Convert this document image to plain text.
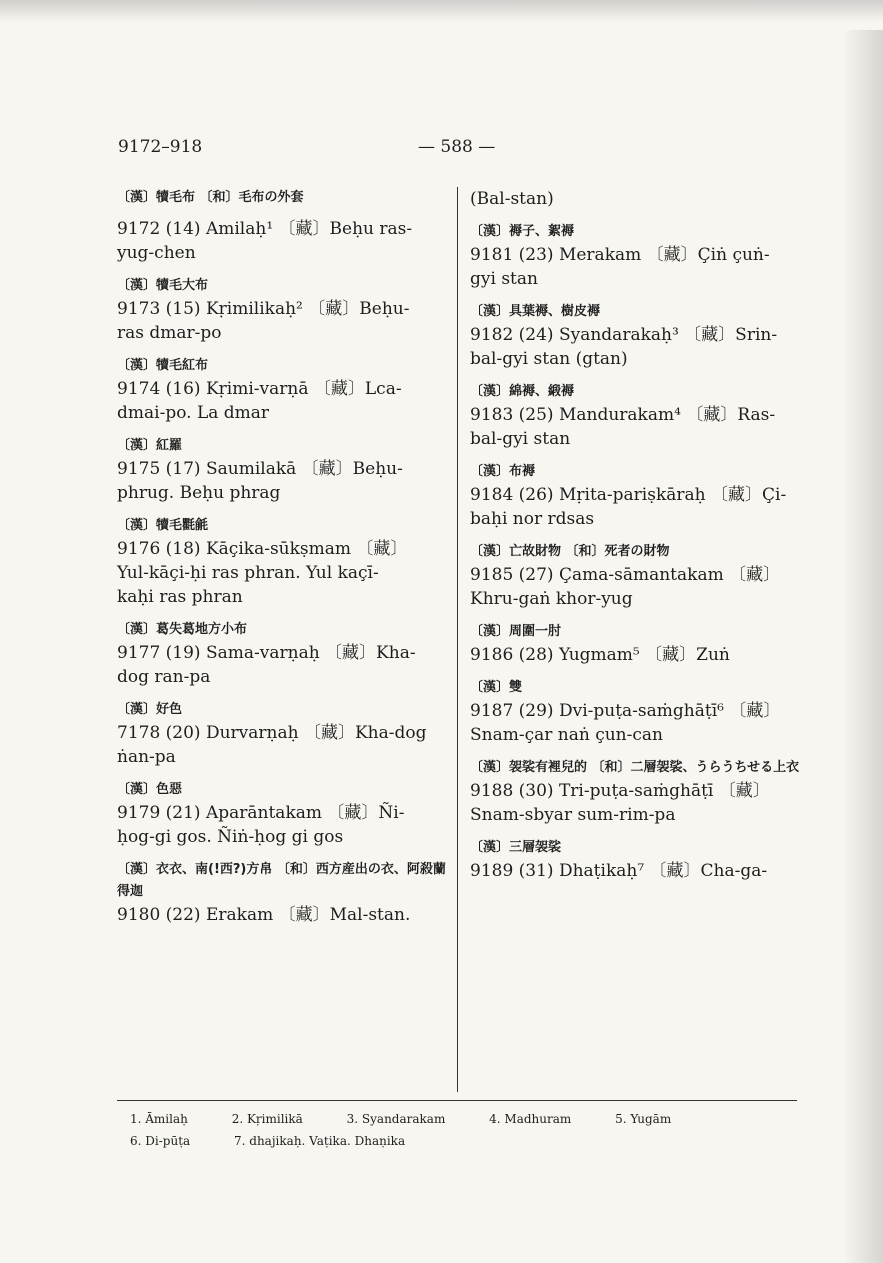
9172–918	— 588 —
〔漢〕犢毛布 〔和〕毛布の外套
9172 (14) Amilaḥ¹ 〔藏〕Beḥu ras-
yug-chen
〔漢〕犢毛大布
9173 (15) Kṛimilikaḥ² 〔藏〕Beḥu-
ras dmar-po
〔漢〕犢毛紅布
9174 (16) Kṛimi-varṇā 〔藏〕Lca-
dmai-po. La dmar
〔漢〕紅羅
9175 (17) Saumilakā 〔藏〕Beḥu-
phrug. Beḥu phrag
〔漢〕犢毛氍毹
9176 (18) Kāçika-sūkṣmam 〔藏〕
Yul-kāçi-ḥi ras phran. Yul kaçī-
kaḥi ras phran
〔漢〕葛失葛地方小布
9177 (19) Sama-varṇaḥ 〔藏〕Kha-
dog ran-pa
〔漢〕好色
7178 (20) Durvarṇaḥ 〔藏〕Kha-dog
ṅan-pa
〔漢〕色惡
9179 (21) Aparāntakam 〔藏〕Ñi-
ḥog-gi gos. Ñiṅ-ḥog gi gos
〔漢〕衣衣、南(!西?)方帛 〔和〕西方産出の衣、阿殺蘭得迦
9180 (22) Erakam 〔藏〕Mal-stan.
(Bal-stan)
〔漢〕褥子、絮褥
9181 (23) Merakam 〔藏〕Çiṅ çuṅ-
gyi stan
〔漢〕具葉褥、樹皮褥
9182 (24) Syandarakaḥ³ 〔藏〕Srin-
bal-gyi stan (gtan)
〔漢〕綿褥、緞褥
9183 (25) Mandurakam⁴ 〔藏〕Ras-
bal-gyi stan
〔漢〕布褥
9184 (26) Mṛita-pariṣkāraḥ 〔藏〕Çi-
baḥi nor rdsas
〔漢〕亡故財物 〔和〕死者の財物
9185 (27) Çama-sāmantakam 〔藏〕
Khru-gaṅ khor-yug
〔漢〕周圍一肘
9186 (28) Yugmam⁵ 〔藏〕Zuṅ
〔漢〕雙
9187 (29) Dvi-puṭa-saṁghāṭī⁶ 〔藏〕
Snam-çar naṅ çun-can
〔漢〕袈裟有裡兒的 〔和〕二層袈裟、うらうちせる上衣
9188 (30) Tri-puṭa-saṁghāṭī 〔藏〕
Snam-sbyar sum-rim-pa
〔漢〕三層袈裟
9189 (31) Dhaṭikaḥ⁷ 〔藏〕Cha-ga-
1. Āmilaḥ	2. Kṛimilikā	3. Syandarakam	4. Madhuram	5. Yugām
6. Di-pūṭa	7. dhajikaḥ. Vaṭika. Dhaṇika
